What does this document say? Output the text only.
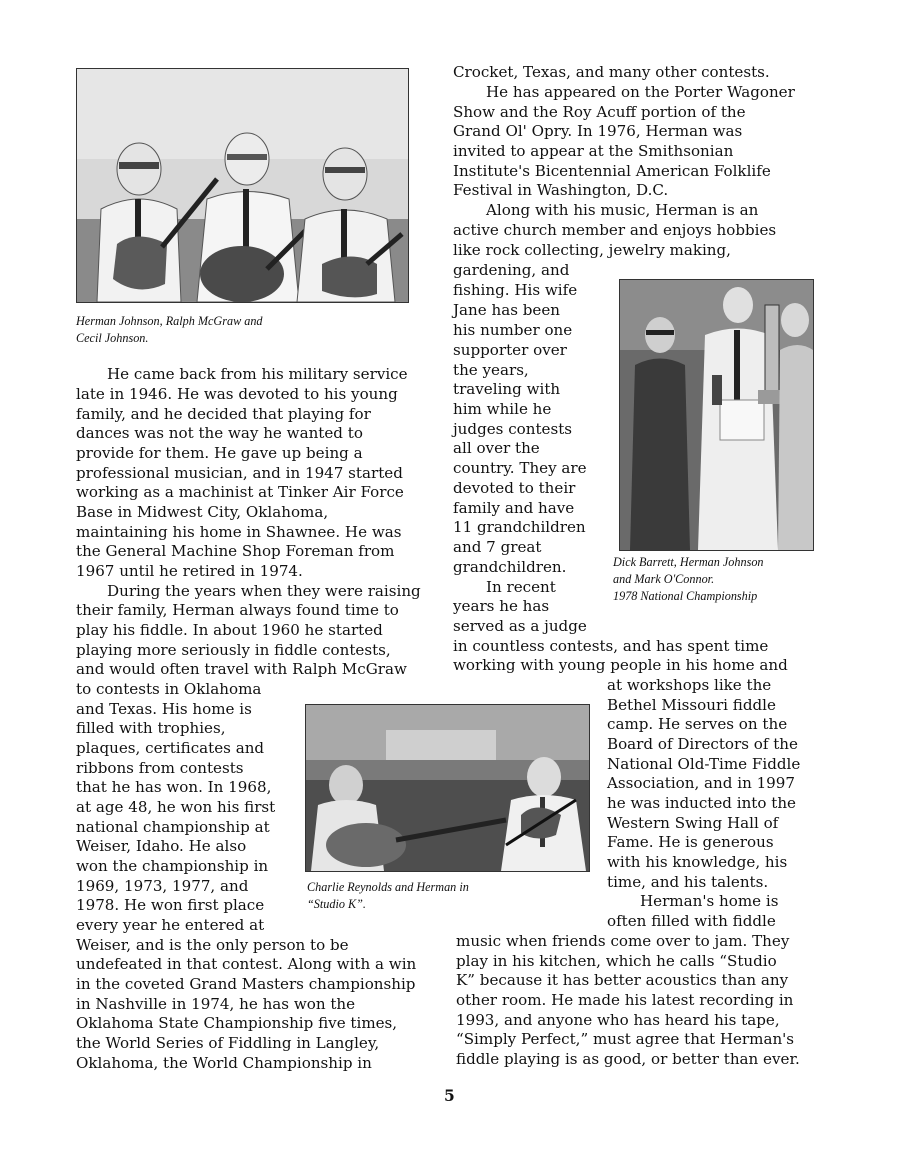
Herman Johnson, Ralph McGraw and
Cecil Johnson.
Dick Barrett, Herman Johnson
and Mark O'Connor.
1978 National Championship
Charlie Reynolds and Herman in
“Studio K”.
He came back from his military service
late in 1946. He was devoted to his young
family, and he decided that playing for
dances was not the way he wanted to
provide for them. He gave up being a
professional musician, and in 1947 started
working as a machinist at Tinker Air Force
Base in Midwest City, Oklahoma,
maintaining his home in Shawnee. He was
the General Machine Shop Foreman from
1967 until he retired in 1974.
During the years when they were raising
their family, Herman always found time to
play his fiddle. In about 1960 he started
playing more seriously in fiddle contests,
and would often travel with Ralph McGraw
to contests in Oklahoma
and Texas. His home is
filled with trophies,
plaques, certificates and
ribbons from contests
that he has won. In 1968,
at age 48, he won his first
national championship at
Weiser, Idaho. He also
won the championship in
1969, 1973, 1977, and
1978. He won first place
every year he entered at
Weiser, and is the only person to be
undefeated in that contest. Along with a win
in the coveted Grand Masters championship
in Nashville in 1974, he has won the
Oklahoma State Championship five times,
the World Series of Fiddling in Langley,
Oklahoma, the World Championship in
Crocket, Texas, and many other contests.
He has appeared on the Porter Wagoner
Show and the Roy Acuff portion of the
Grand Ol' Opry. In 1976, Herman was
invited to appear at the Smithsonian
Institute's Bicentennial American Folklife
Festival in Washington, D.C.
Along with his music, Herman is an
active church member and enjoys hobbies
like rock collecting, jewelry making,
gardening, and
fishing. His wife
Jane has been
his number one
supporter over
the years,
traveling with
him while he
judges contests
all over the
country. They are
devoted to their
family and have
11 grandchildren
and 7 great
grandchildren.
In recent
years he has
served as a judge
in countless contests, and has spent time
working with young people in his home and
at workshops like the
Bethel Missouri fiddle
camp. He serves on the
Board of Directors of the
National Old-Time Fiddle
Association, and in 1997
he was inducted into the
Western Swing Hall of
Fame. He is generous
with his knowledge, his
time, and his talents.
Herman's home is
often filled with fiddle
music when friends come over to jam. They
play in his kitchen, which he calls “Studio
K” because it has better acoustics than any
other room. He made his latest recording in
1993, and anyone who has heard his tape,
“Simply Perfect,” must agree that Herman's
fiddle playing is as good, or better than ever.
5
